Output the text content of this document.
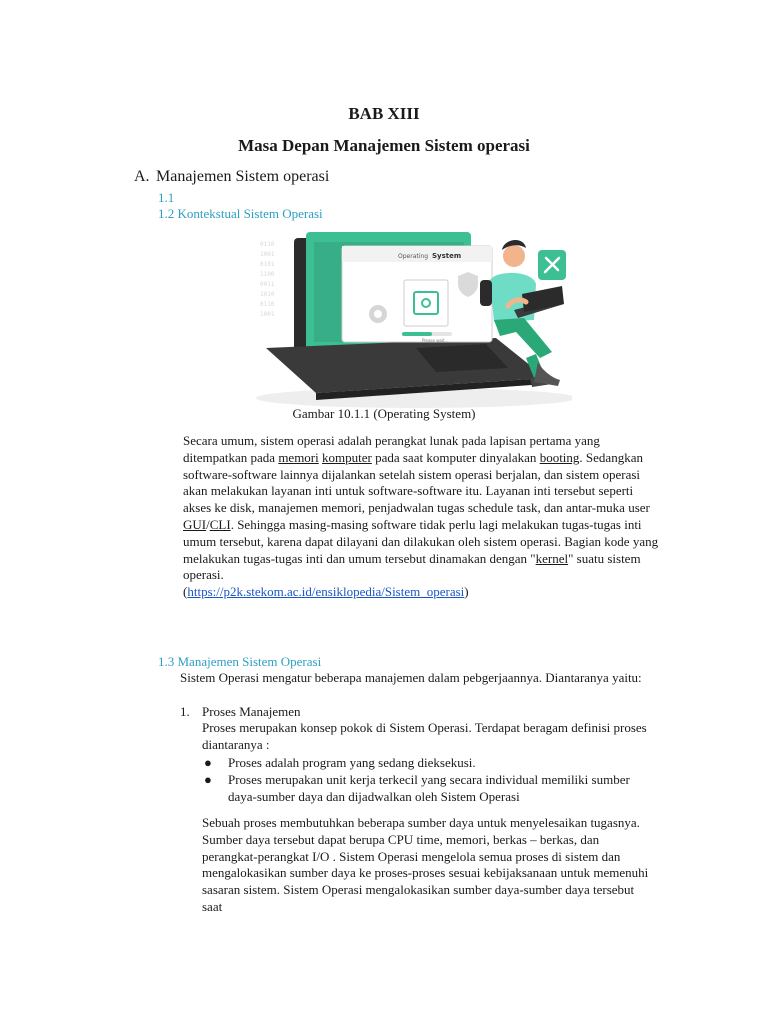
BAB XIII
Masa Depan Manajemen Sistem operasi
A. Manajemen Sistem operasi
1.1
1.2 Kontekstual Sistem Operasi
0110
1001
0101
1100
0011
1010
0110
1001
Operating System
Please wait...
Gambar 10.1.1 (Operating System)
Secara umum, sistem operasi adalah perangkat lunak pada lapisan pertama yang ditempatkan pada memori komputer pada saat komputer dinyalakan booting. Sedangkan software-software lainnya dijalankan setelah sistem operasi berjalan, dan sistem operasi akan melakukan layanan inti untuk software-software itu. Layanan inti tersebut seperti akses ke disk, manajemen memori, penjadwalan tugas schedule task, dan antar-muka user GUI/CLI. Sehingga masing-masing software tidak perlu lagi melakukan tugas-tugas inti umum tersebut, karena dapat dilayani dan dilakukan oleh sistem operasi. Bagian kode yang melakukan tugas-tugas inti dan umum tersebut dinamakan dengan "kernel" suatu sistem operasi.
(https://p2k.stekom.ac.id/ensiklopedia/Sistem_operasi)
1.3 Manajemen Sistem Operasi
Sistem Operasi mengatur beberapa manajemen dalam pebgerjaannya. Diantaranya yaitu:
1. Proses Manajemen
Proses merupakan konsep pokok di Sistem Operasi. Terdapat beragam definisi proses diantaranya :
● Proses adalah program yang sedang dieksekusi.
● Proses merupakan unit kerja terkecil yang secara individual memiliki sumber daya-sumber daya dan dijadwalkan oleh Sistem Operasi
Sebuah proses membutuhkan beberapa sumber daya untuk menyelesaikan tugasnya. Sumber daya tersebut dapat berupa CPU time, memori, berkas – berkas, dan perangkat-perangkat I/O . Sistem Operasi mengelola semua proses di sistem dan mengalokasikan sumber daya ke proses-proses sesuai kebijaksanaan untuk memenuhi sasaran sistem. Sistem Operasi mengalokasikan sumber daya-sumber daya tersebut saat
